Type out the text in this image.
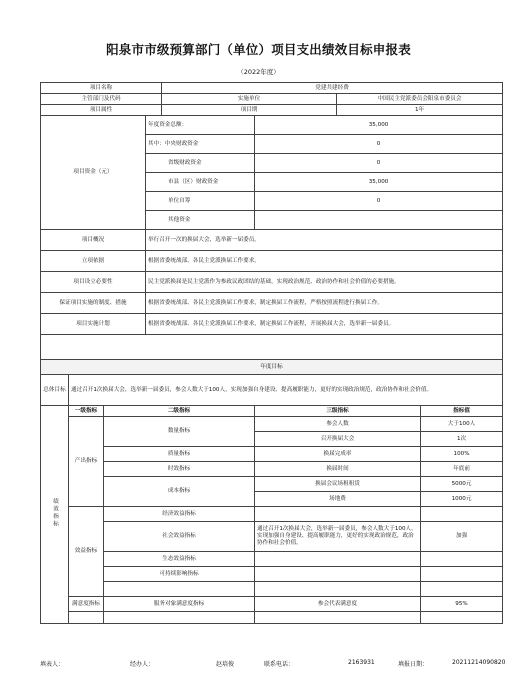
阳泉市市级预算部门（单位）项目支出绩效目标申报表
（2022年度）
项目名称				党建共建经费			
主管部门及代码				实施单位		中国民主党派委员会阳泉市委员会	
项目属性				项目期		1年	
项目资金（元）			年度资金总额：		35,000		
			其中：中央财政资金		0		
			省级财政资金		0		
			市县（区）财政资金		35,000		
			单位自筹		0		
			其他资金				
项目概况			举行召开一次的换届大会，选举新一届委员。				
立项依据			根据省委统战部、各民主党派换届工作要求。				
项目设立必要性			民主党派换届是民主党派作为参政议政团结的基础，实现政治规范、政治协作和社会价值的必要措施。				
保证项目实施的制度、措施			根据省委统战部、各民主党派换届工作要求，制定换届工作流程，严格按照流程进行换届工作。				
项目实施计划			根据省委统战部、各民主党派换届工作要求，制定换届工作流程，开展换届大会，选举新一届委员。				

年度目标							
总体目标	通过召开1次换届大会，选举新一届委员，参会人数大于100人，实现加强自身建设、提高履职能力，更好的实现政治规范，政治协作和社会价值。						
绩效指标	一级指标	二级指标			三级指标		指标值
	产出指标	数量指标			参会人数		大于100人
					召开换届大会		1次
		质量指标			换届完成率		100%
		时效指标			换届时间		年底前
		成本指标			换届会议场租租赁		5000元
					场地费		1000元
	效益指标	经济效益指标					
		社会效益指标			通过召开1次换届大会，选举新一届委员，参会人数大于100人，实现加强自身建设、提高履职能力，更好的实现政治规范，政治协作和社会价值。		加强
		生态效益指标					
		可持续影响指标					

	满意度指标	服务对象满意度指标			参会代表满意度		95%

填表人：	经办人：	赵培俊	联系电话：	2163931	填报日期：	20211214090820
